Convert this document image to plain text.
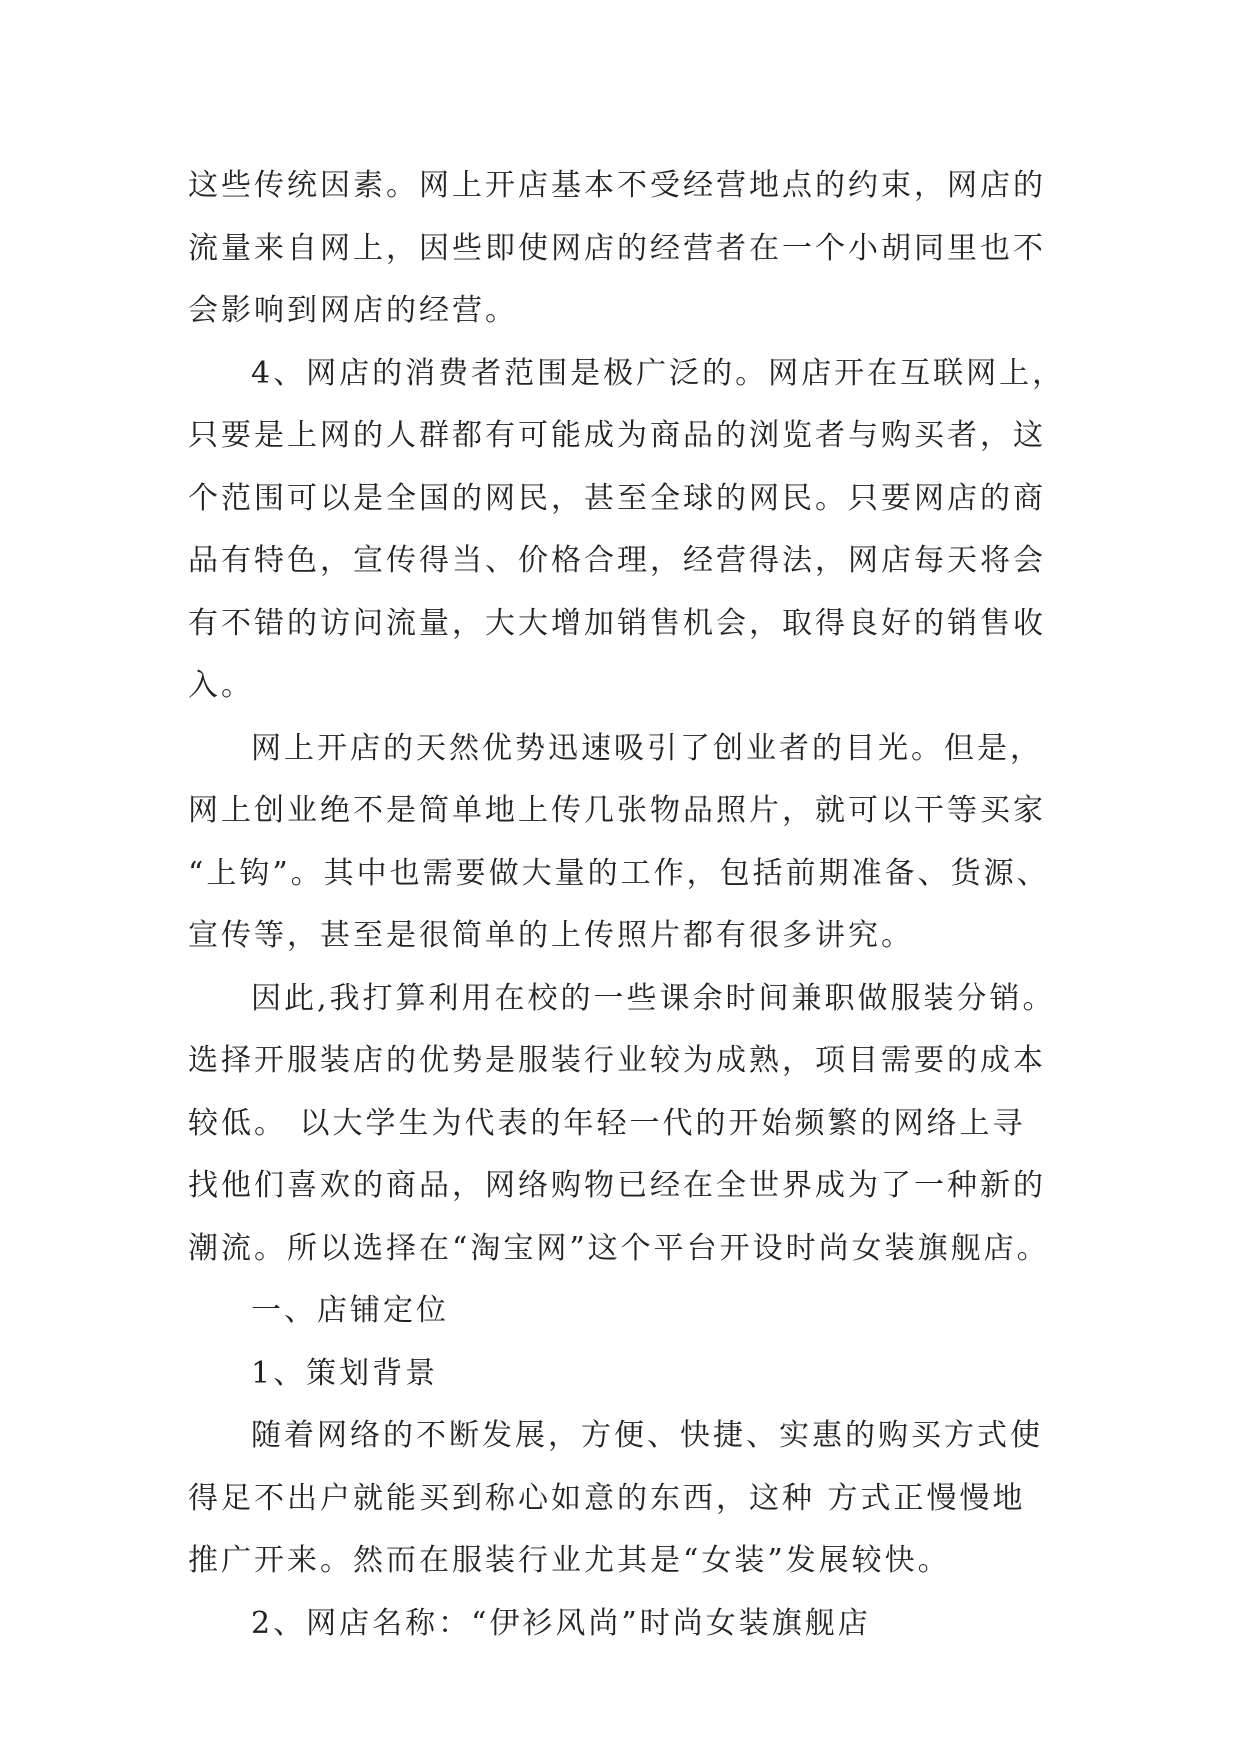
这些传统因素。网上开店基本不受经营地点的约束，网店的
流量来自网上，因些即使网店的经营者在一个小胡同里也不
会影响到网店的经营。
4、网店的消费者范围是极广泛的。网店开在互联网上，
只要是上网的人群都有可能成为商品的浏览者与购买者，这
个范围可以是全国的网民，甚至全球的网民。只要网店的商
品有特色，宣传得当、价格合理，经营得法，网店每天将会
有不错的访问流量，大大增加销售机会，取得良好的销售收
入。
网上开店的天然优势迅速吸引了创业者的目光。但是，
网上创业绝不是简单地上传几张物品照片，就可以干等买家
“上钩”。其中也需要做大量的工作，包括前期准备、货源、
宣传等，甚至是很简单的上传照片都有很多讲究。
因此,我打算利用在校的一些课余时间兼职做服装分销。
选择开服装店的优势是服装行业较为成熟，项目需要的成本
较低。 以大学生为代表的年轻一代的开始频繁的网络上寻
找他们喜欢的商品，网络购物已经在全世界成为了一种新的
潮流。所以选择在“淘宝网”这个平台开设时尚女装旗舰店。
一、店铺定位
1、策划背景
随着网络的不断发展，方便、快捷、实惠的购买方式使
得足不出户就能买到称心如意的东西，这种 方式正慢慢地
推广开来。然而在服装行业尤其是“女装”发展较快。
2、网店名称：“伊衫风尚”时尚女装旗舰店
